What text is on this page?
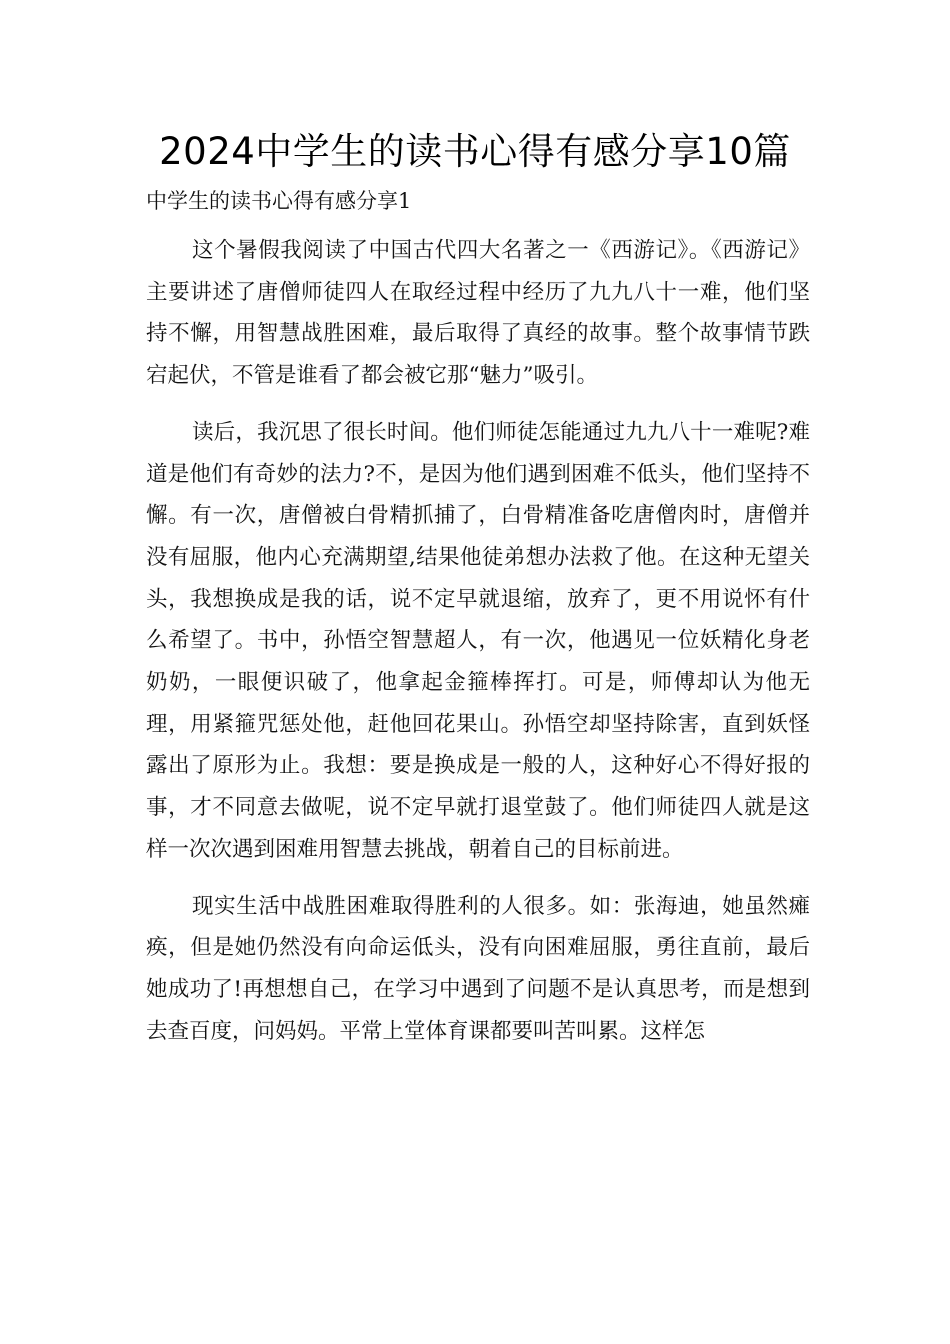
2024中学生的读书心得有感分享10篇

中学生的读书心得有感分享1

这个暑假我阅读了中国古代四大名著之一《西游记》。《西游记》主要讲述了唐僧师徒四人在取经过程中经历了九九八十一难，他们坚持不懈，用智慧战胜困难，最后取得了真经的故事。整个故事情节跌宕起伏，不管是谁看了都会被它那“魅力”吸引。

读后，我沉思了很长时间。他们师徒怎能通过九九八十一难呢?难道是他们有奇妙的法力?不，是因为他们遇到困难不低头，他们坚持不懈。有一次，唐僧被白骨精抓捕了，白骨精准备吃唐僧肉时，唐僧并没有屈服，他内心充满期望,结果他徒弟想办法救了他。在这种无望关头，我想换成是我的话，说不定早就退缩，放弃了，更不用说怀有什么希望了。书中，孙悟空智慧超人，有一次，他遇见一位妖精化身老奶奶，一眼便识破了，他拿起金箍棒挥打。可是，师傅却认为他无理，用紧箍咒惩处他，赶他回花果山。孙悟空却坚持除害，直到妖怪露出了原形为止。我想：要是换成是一般的人，这种好心不得好报的事，才不同意去做呢，说不定早就打退堂鼓了。他们师徒四人就是这样一次次遇到困难用智慧去挑战，朝着自己的目标前进。

现实生活中战胜困难取得胜利的人很多。如：张海迪，她虽然瘫痪，但是她仍然没有向命运低头，没有向困难屈服，勇往直前，最后她成功了!再想想自己，在学习中遇到了问题不是认真思考，而是想到去查百度，问妈妈。平常上堂体育课都要叫苦叫累。这样怎
